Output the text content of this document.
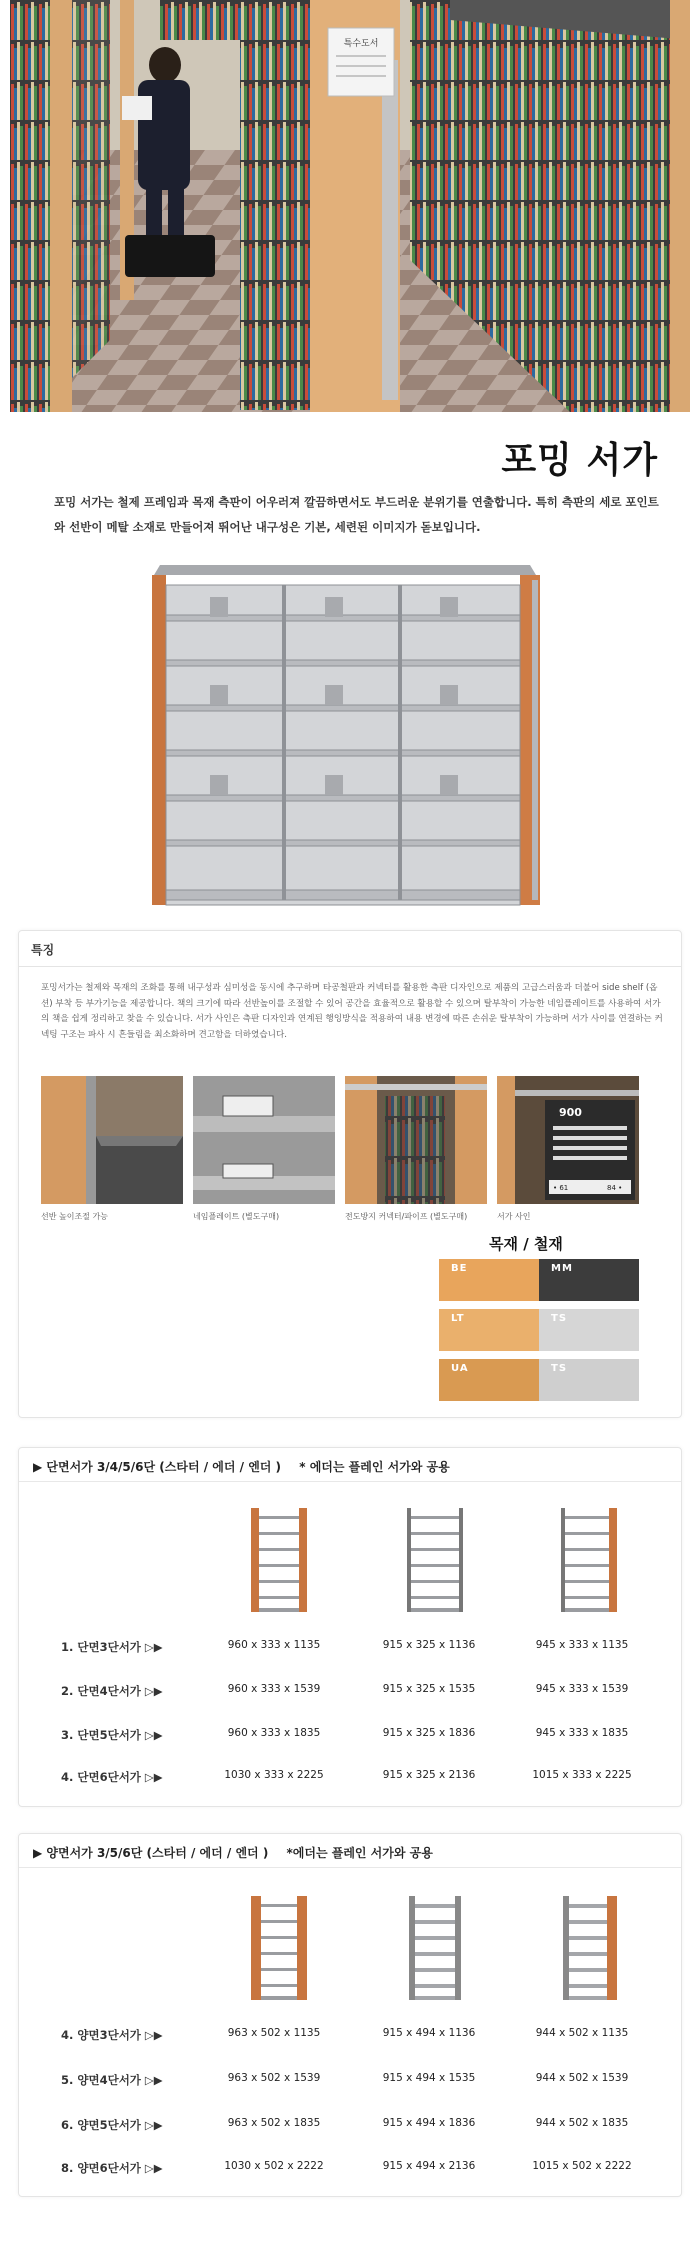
특수도서
포밍 서가
포밍 서가는 철제 프레임과 목재 측판이 어우러져 깔끔하면서도 부드러운 분위기를 연출합니다. 특히 측판의 세로 포인트와 선반이 메탈 소재로 만들어져 뛰어난 내구성은 기본, 세련된 이미지가 돋보입니다.
특징
포밍서가는 철제와 목재의 조화를 통해 내구성과 심미성을 동시에 추구하며 타공철판과 커넥터를 활용한 측판 디자인으로 제품의 고급스러움과 더불어 side shelf (옵션) 부착 등 부가기능을 제공합니다. 책의 크기에 따라 선반높이를 조절할 수 있어 공간을 효율적으로 활용할 수 있으며 탈부착이 가능한 네임플레이트를 사용하여 서가의 책을 쉽게 정리하고 찾을 수 있습니다. 서가 사인은 측판 디자인과 연계된 행잉방식을 적용하여 내용 변경에 따른 손쉬운 탈부착이 가능하며 서가 사이를 연결하는 커넥팅 구조는 파사 시 흔들림을 최소화하며 견고함을 더하였습니다.
선반 높이조절 가능	네임플레이트 (별도구매)	전도방지 커넥터/파이프 (별도구매)
900
• 61	84 •
서가 사인
목재 / 철재
BE	MM
LT	TS
UA	TS
▶ 단면서가 3/4/5/6단 (스타터 / 에더 / 엔더 ) * 에더는 플레인 서가와 공용
1. 단면3단서가 ▷▶	960 x 333 x 1135	915 x 325 x 1136	945 x 333 x 1135
2. 단면4단서가 ▷▶	960 x 333 x 1539	915 x 325 x 1535	945 x 333 x 1539
3. 단면5단서가 ▷▶	960 x 333 x 1835	915 x 325 x 1836	945 x 333 x 1835
4. 단면6단서가 ▷▶	1030 x 333 x 2225	915 x 325 x 2136	1015 x 333 x 2225
▶ 양면서가 3/5/6단 (스타터 / 에더 / 엔더 ) *에더는 플레인 서가와 공용
4. 양면3단서가 ▷▶	963 x 502 x 1135	915 x 494 x 1136	944 x 502 x 1135
5. 양면4단서가 ▷▶	963 x 502 x 1539	915 x 494 x 1535	944 x 502 x 1539
6. 양면5단서가 ▷▶	963 x 502 x 1835	915 x 494 x 1836	944 x 502 x 1835
8. 양면6단서가 ▷▶	1030 x 502 x 2222	915 x 494 x 2136	1015 x 502 x 2222
